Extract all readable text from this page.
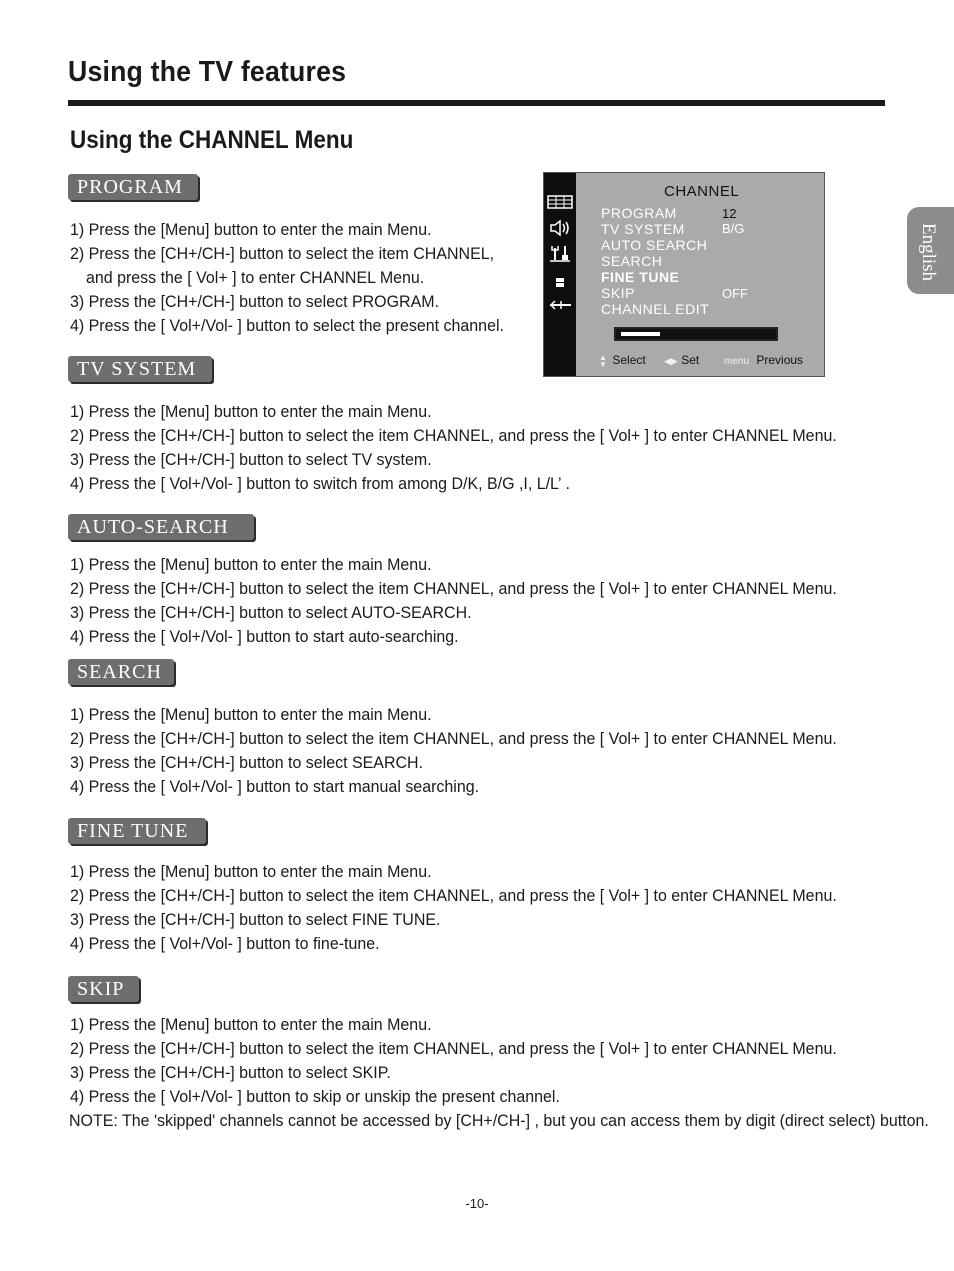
Using the TV features
Using the CHANNEL Menu
English
PROGRAM
1) Press the [Menu] button to enter the main Menu.
2) Press the [CH+/CH-] button to select the item CHANNEL,
and press the [ Vol+ ] to enter CHANNEL Menu.
3) Press the [CH+/CH-] button to select PROGRAM.
4) Press the [ Vol+/Vol- ] button to select the present channel.
TV SYSTEM
1) Press the [Menu] button to enter the main Menu.
2) Press the [CH+/CH-] button to select the item CHANNEL, and press the [ Vol+ ] to enter CHANNEL Menu.
3) Press the [CH+/CH-] button to select TV system.
4) Press the [ Vol+/Vol- ] button to switch from among D/K, B/G ,I, L/L’ .
AUTO-SEARCH
1) Press the [Menu] button to enter the main Menu.
2) Press the [CH+/CH-] button to select the item CHANNEL, and press the [ Vol+ ] to enter CHANNEL Menu.
3) Press the [CH+/CH-] button to select AUTO-SEARCH.
4) Press the [ Vol+/Vol- ] button to start auto-searching.
SEARCH
1) Press the [Menu] button to enter the main Menu.
2) Press the [CH+/CH-] button to select the item CHANNEL, and press the [ Vol+ ] to enter CHANNEL Menu.
3) Press the [CH+/CH-] button to select SEARCH.
4) Press the [ Vol+/Vol- ] button to start manual searching.
FINE TUNE
1) Press the [Menu] button to enter the main Menu.
2) Press the [CH+/CH-] button to select the item CHANNEL, and press the [ Vol+ ] to enter CHANNEL Menu.
3) Press the [CH+/CH-] button to select FINE TUNE.
4) Press the [ Vol+/Vol- ] button to fine-tune.
SKIP
1) Press the [Menu] button to enter the main Menu.
2) Press the [CH+/CH-] button to select the item CHANNEL, and press the [ Vol+ ] to enter CHANNEL Menu.
3) Press the [CH+/CH-] button to select SKIP.
4) Press the [ Vol+/Vol- ] button to skip or unskip the present channel.
NOTE: The 'skipped' channels cannot be accessed by [CH+/CH-] , but you can access them by digit (direct select) button.
CHANNEL
PROGRAM	12
TV SYSTEM	B/G
AUTO SEARCH
SEARCH
FINE TUNE
SKIP	OFF
CHANNEL EDIT
▲
▼ Select ◀▶ Set menu Previous
-10-
